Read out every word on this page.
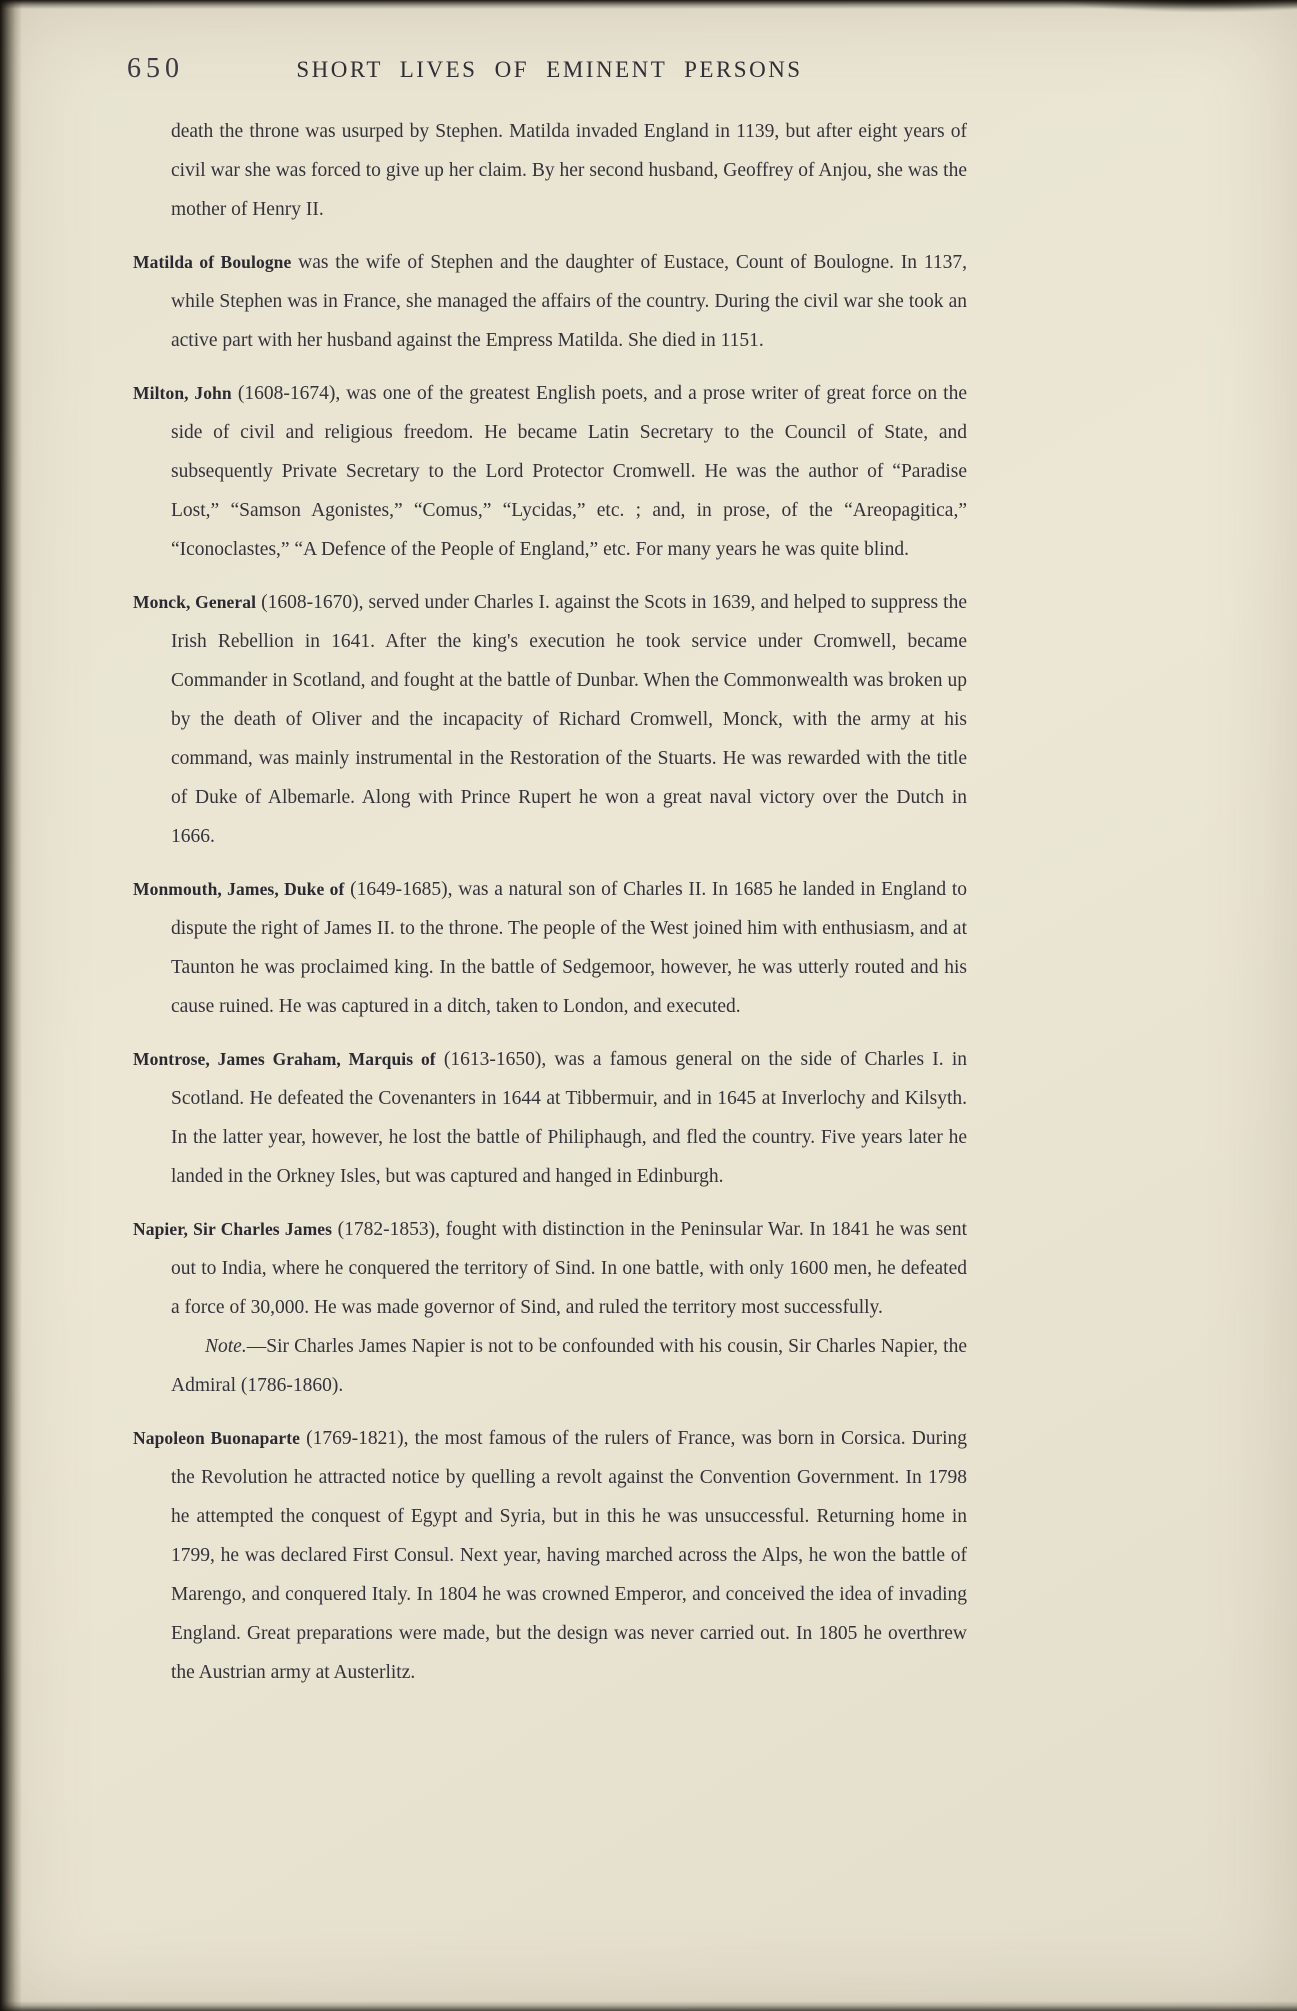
650	SHORT LIVES OF EMINENT PERSONS

death the throne was usurped by Stephen. Matilda invaded England in 1139, but after eight years of civil war she was forced to give up her claim. By her second husband, Geoffrey of Anjou, she was the mother of Henry II.

Matilda of Boulogne was the wife of Stephen and the daughter of Eustace, Count of Boulogne. In 1137, while Stephen was in France, she managed the affairs of the country. During the civil war she took an active part with her husband against the Empress Matilda. She died in 1151.

Milton, John (1608-1674), was one of the greatest English poets, and a prose writer of great force on the side of civil and religious freedom. He became Latin Secretary to the Council of State, and subsequently Private Secretary to the Lord Protector Cromwell. He was the author of “Paradise Lost,” “Samson Agonistes,” “Comus,” “Lycidas,” etc. ; and, in prose, of the “Areopagitica,” “Iconoclastes,” “A Defence of the People of England,” etc. For many years he was quite blind.

Monck, General (1608-1670), served under Charles I. against the Scots in 1639, and helped to suppress the Irish Rebellion in 1641. After the king's execution he took service under Cromwell, became Commander in Scotland, and fought at the battle of Dunbar. When the Commonwealth was broken up by the death of Oliver and the incapacity of Richard Cromwell, Monck, with the army at his command, was mainly instrumental in the Restoration of the Stuarts. He was rewarded with the title of Duke of Albemarle. Along with Prince Rupert he won a great naval victory over the Dutch in 1666.

Monmouth, James, Duke of (1649-1685), was a natural son of Charles II. In 1685 he landed in England to dispute the right of James II. to the throne. The people of the West joined him with enthusiasm, and at Taunton he was proclaimed king. In the battle of Sedgemoor, however, he was utterly routed and his cause ruined. He was captured in a ditch, taken to London, and executed.

Montrose, James Graham, Marquis of (1613-1650), was a famous general on the side of Charles I. in Scotland. He defeated the Covenanters in 1644 at Tibbermuir, and in 1645 at Inverlochy and Kilsyth. In the latter year, however, he lost the battle of Philiphaugh, and fled the country. Five years later he landed in the Orkney Isles, but was captured and hanged in Edinburgh.

Napier, Sir Charles James (1782-1853), fought with distinction in the Peninsular War. In 1841 he was sent out to India, where he conquered the territory of Sind. In one battle, with only 1600 men, he defeated a force of 30,000. He was made governor of Sind, and ruled the territory most successfully.

Note.—Sir Charles James Napier is not to be confounded with his cousin, Sir Charles Napier, the Admiral (1786-1860).

Napoleon Buonaparte (1769-1821), the most famous of the rulers of France, was born in Corsica. During the Revolution he attracted notice by quelling a revolt against the Convention Government. In 1798 he attempted the conquest of Egypt and Syria, but in this he was unsuccessful. Returning home in 1799, he was declared First Consul. Next year, having marched across the Alps, he won the battle of Marengo, and conquered Italy. In 1804 he was crowned Emperor, and conceived the idea of invading England. Great preparations were made, but the design was never carried out. In 1805 he overthrew the Austrian army at Austerlitz.
